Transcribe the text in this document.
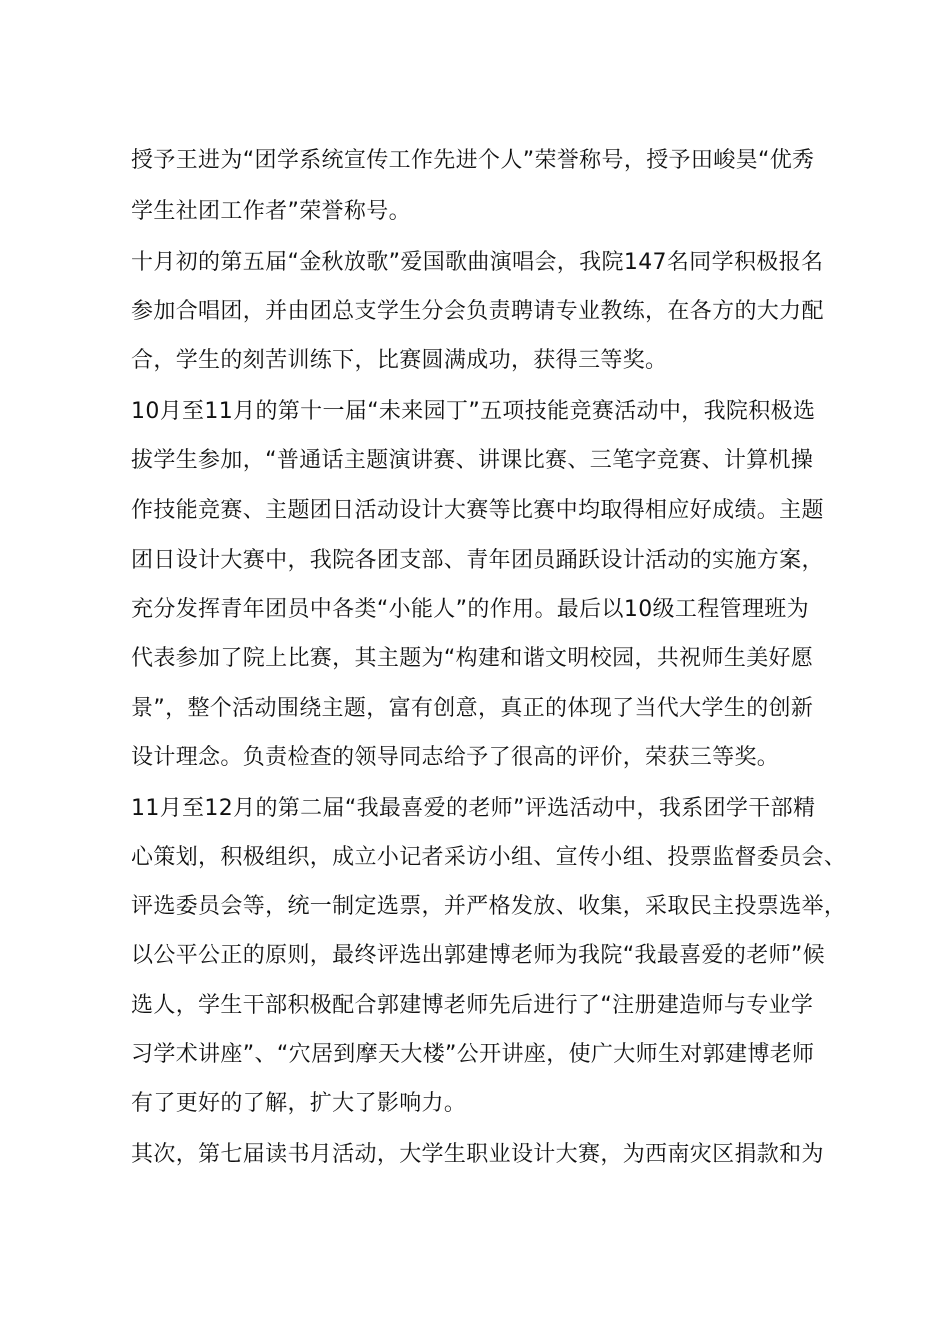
授予王进为“团学系统宣传工作先进个人”荣誉称号，授予田峻昊“优秀
学生社团工作者”荣誉称号。
十月初的第五届“金秋放歌”爱国歌曲演唱会，我院147名同学积极报名
参加合唱团，并由团总支学生分会负责聘请专业教练，在各方的大力配
合，学生的刻苦训练下，比赛圆满成功，获得三等奖。
10月至11月的第十一届“未来园丁”五项技能竞赛活动中，我院积极选
拔学生参加，“普通话主题演讲赛、讲课比赛、三笔字竞赛、计算机操
作技能竞赛、主题团日活动设计大赛等比赛中均取得相应好成绩。主题
团日设计大赛中，我院各团支部、青年团员踊跃设计活动的实施方案，
充分发挥青年团员中各类“小能人”的作用。最后以10级工程管理班为
代表参加了院上比赛，其主题为“构建和谐文明校园，共祝师生美好愿
景”，整个活动围绕主题，富有创意，真正的体现了当代大学生的创新
设计理念。负责检查的领导同志给予了很高的评价，荣获三等奖。
11月至12月的第二届“我最喜爱的老师”评选活动中，我系团学干部精
心策划，积极组织，成立小记者采访小组、宣传小组、投票监督委员会、
评选委员会等，统一制定选票，并严格发放、收集，采取民主投票选举，
以公平公正的原则，最终评选出郭建博老师为我院“我最喜爱的老师”候
选人，学生干部积极配合郭建博老师先后进行了“注册建造师与专业学
习学术讲座”、“穴居到摩天大楼”公开讲座，使广大师生对郭建博老师
有了更好的了解，扩大了影响力。
其次，第七届读书月活动，大学生职业设计大赛，为西南灾区捐款和为
